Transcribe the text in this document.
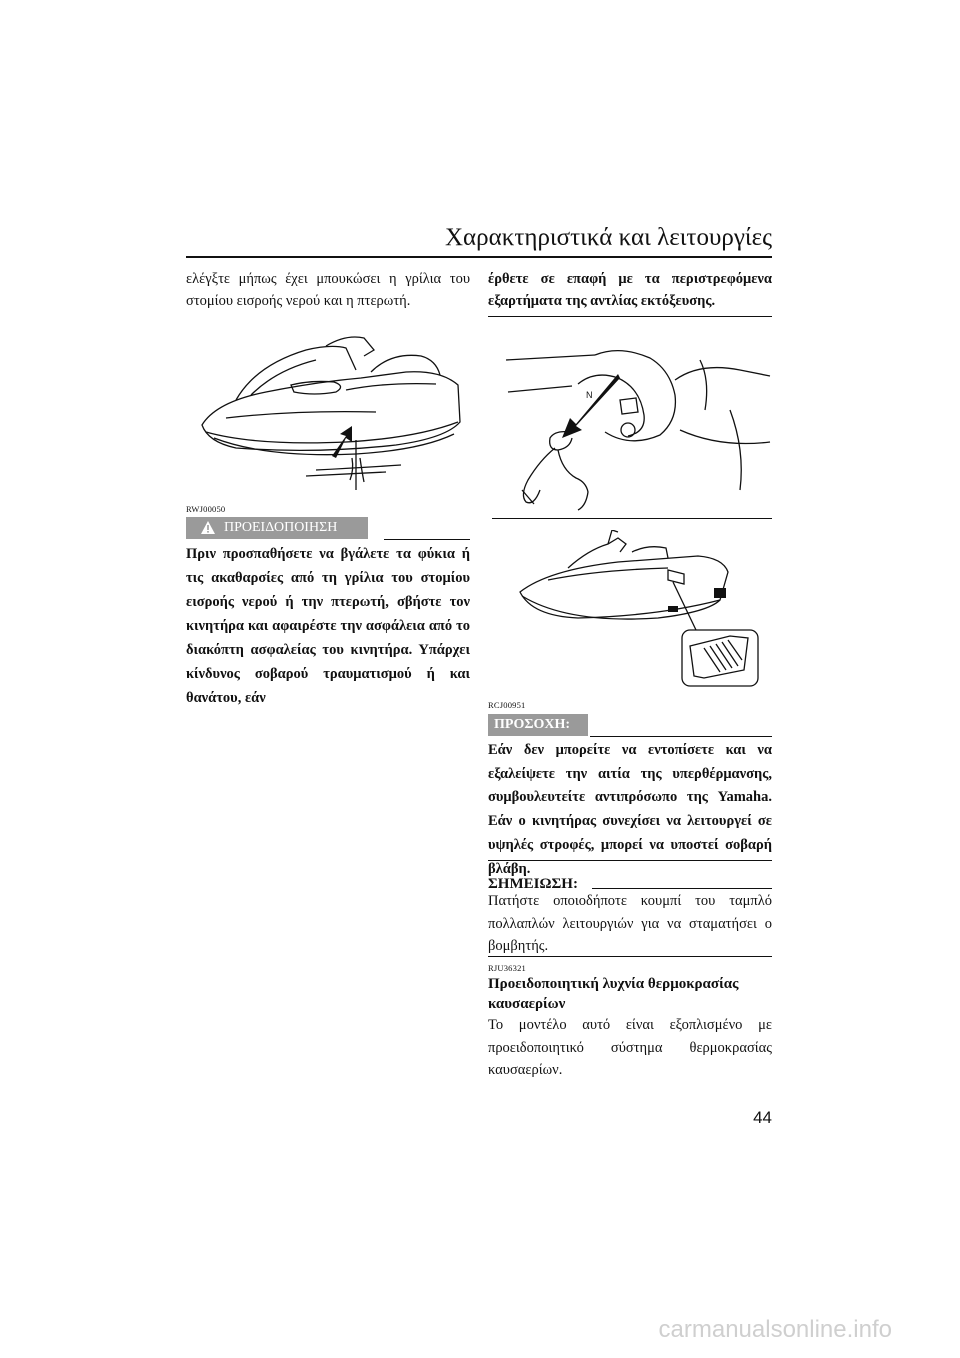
Χαρακτηριστικά και λειτουργίες
ελέγξτε μήπως έχει μπουκώσει η γρίλια του στομίου εισροής νερού και η πτερωτή.
RWJ00050
ΠΡΟΕΙΔΟΠΟΙΗΣΗ
Πριν προσπαθήσετε να βγάλετε τα φύκια ή τις ακαθαρσίες από τη γρίλια του στομίου εισροής νερού ή την πτερωτή, σβήστε τον κινητήρα και αφαιρέστε την ασφάλεια από το διακόπτη ασφαλείας του κινητήρα. Υπάρχει κίνδυνος σοβαρού τραυματισμού ή και θανάτου, εάν
έρθετε σε επαφή με τα περιστρεφόμενα εξαρτήματα της αντλίας εκτόξευσης.
N
RCJ00951
ΠΡΟΣΟΧΗ:
Εάν δεν μπορείτε να εντοπίσετε και να εξαλείψετε την αιτία της υπερθέρμανσης, συμβουλευτείτε αντιπρόσωπο της Yamaha. Εάν ο κινητήρας συνεχίσει να λειτουργεί σε υψηλές στροφές, μπορεί να υποστεί σοβαρή βλάβη.
ΣΗΜΕΙΩΣΗ:
Πατήστε οποιοδήποτε κουμπί του ταμπλό πολλαπλών λειτουργιών για να σταματήσει ο βομβητής.
RJU36321
Προειδοποιητική λυχνία θερμοκρασίας καυσαερίων
Το μοντέλο αυτό είναι εξοπλισμένο με προειδοποιητικό σύστημα θερμοκρασίας καυσαερίων.
44
carmanualsonline.info
